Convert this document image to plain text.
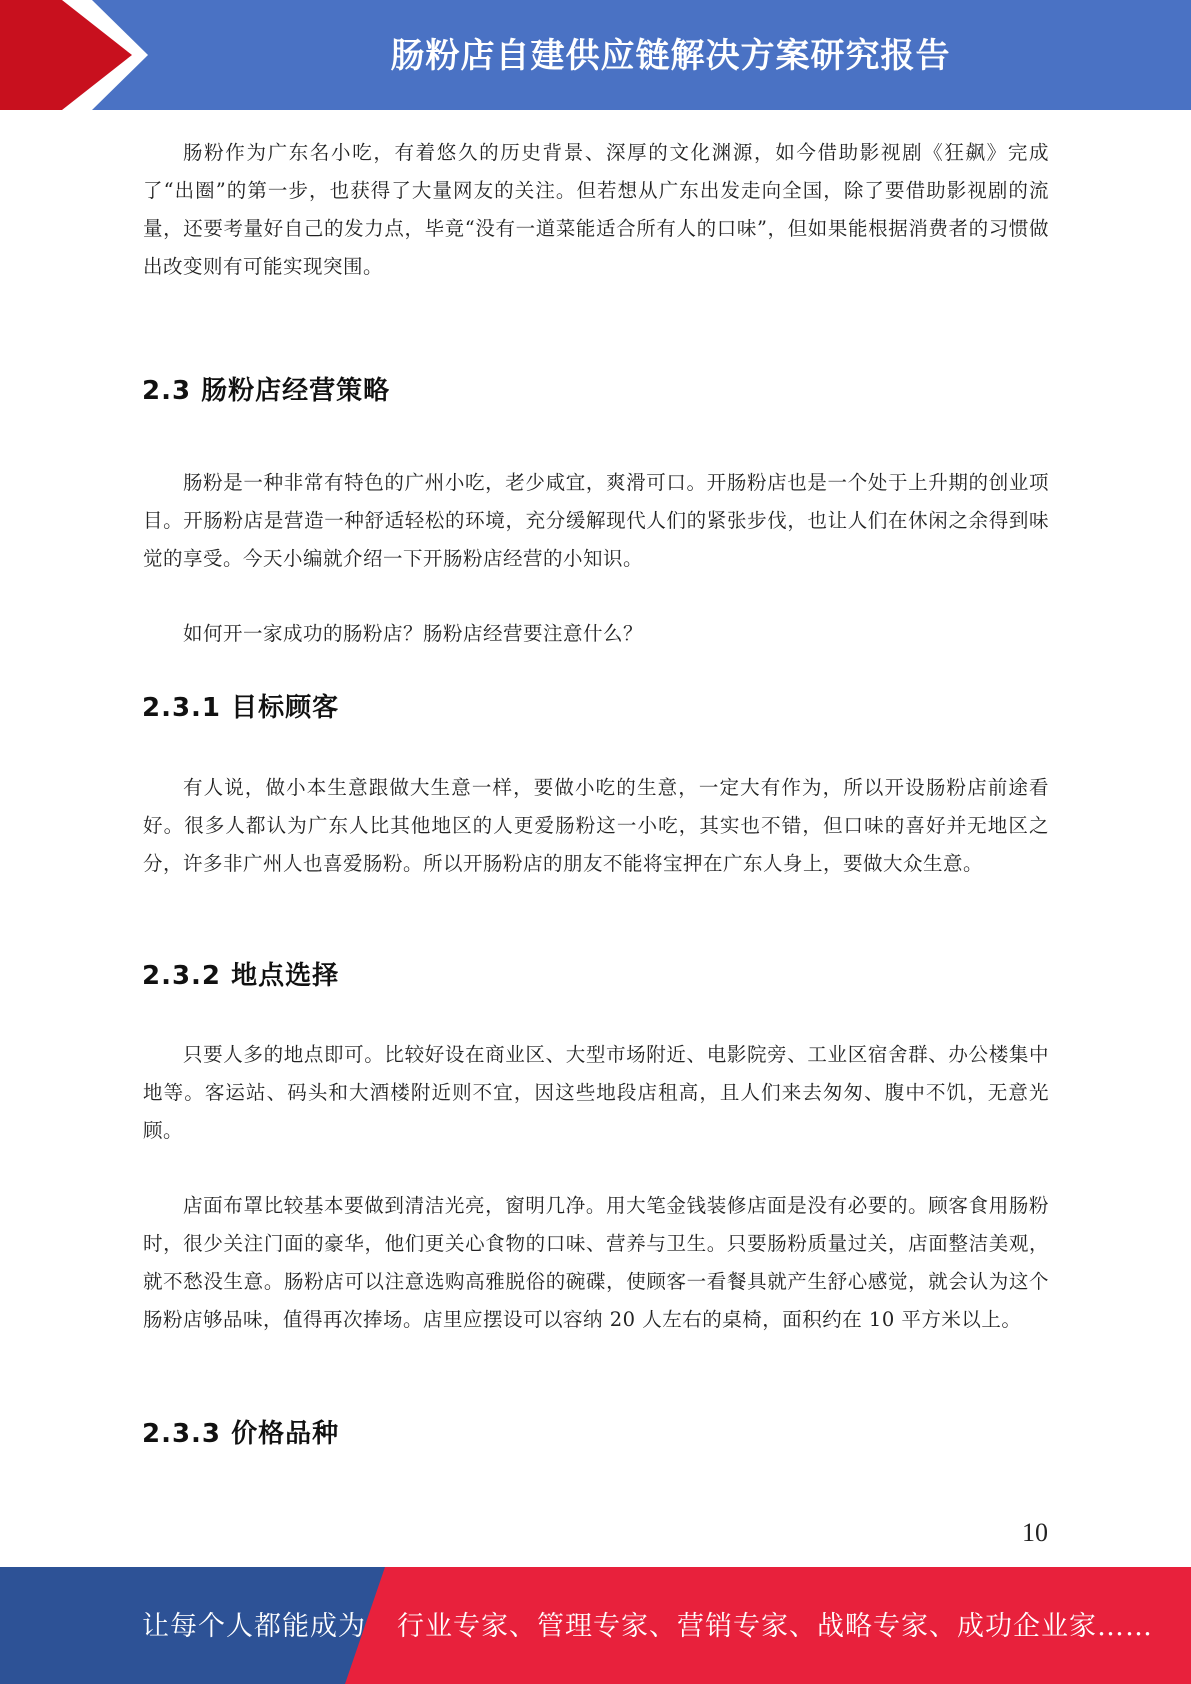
肠粉店自建供应链解决方案研究报告

肠粉作为广东名小吃，有着悠久的历史背景、深厚的文化渊源，如今借助影视剧《狂飙》完成了“出圈”的第一步，也获得了大量网友的关注。但若想从广东出发走向全国，除了要借助影视剧的流量，还要考量好自己的发力点，毕竟“没有一道菜能适合所有人的口味”，但如果能根据消费者的习惯做出改变则有可能实现突围。

2.3 肠粉店经营策略

肠粉是一种非常有特色的广州小吃，老少咸宜，爽滑可口。开肠粉店也是一个处于上升期的创业项目。开肠粉店是营造一种舒适轻松的环境，充分缓解现代人们的紧张步伐，也让人们在休闲之余得到味觉的享受。今天小编就介绍一下开肠粉店经营的小知识。

如何开一家成功的肠粉店？肠粉店经营要注意什么？

2.3.1 目标顾客

有人说，做小本生意跟做大生意一样，要做小吃的生意，一定大有作为，所以开设肠粉店前途看好。很多人都认为广东人比其他地区的人更爱肠粉这一小吃，其实也不错，但口味的喜好并无地区之分，许多非广州人也喜爱肠粉。所以开肠粉店的朋友不能将宝押在广东人身上，要做大众生意。

2.3.2 地点选择

只要人多的地点即可。比较好设在商业区、大型市场附近、电影院旁、工业区宿舍群、办公楼集中地等。客运站、码头和大酒楼附近则不宜，因这些地段店租高，且人们来去匆匆、腹中不饥，无意光顾。

店面布罩比较基本要做到清洁光亮，窗明几净。用大笔金钱装修店面是没有必要的。顾客食用肠粉时，很少关注门面的豪华，他们更关心食物的口味、营养与卫生。只要肠粉质量过关，店面整洁美观，就不愁没生意。肠粉店可以注意选购高雅脱俗的碗碟，使顾客一看餐具就产生舒心感觉，就会认为这个肠粉店够品味，值得再次捧场。店里应摆设可以容纳 20 人左右的桌椅，面积约在 10 平方米以上。

2.3.3 价格品种
10
让每个人都能成为 行业专家、管理专家、营销专家、战略专家、成功企业家……
